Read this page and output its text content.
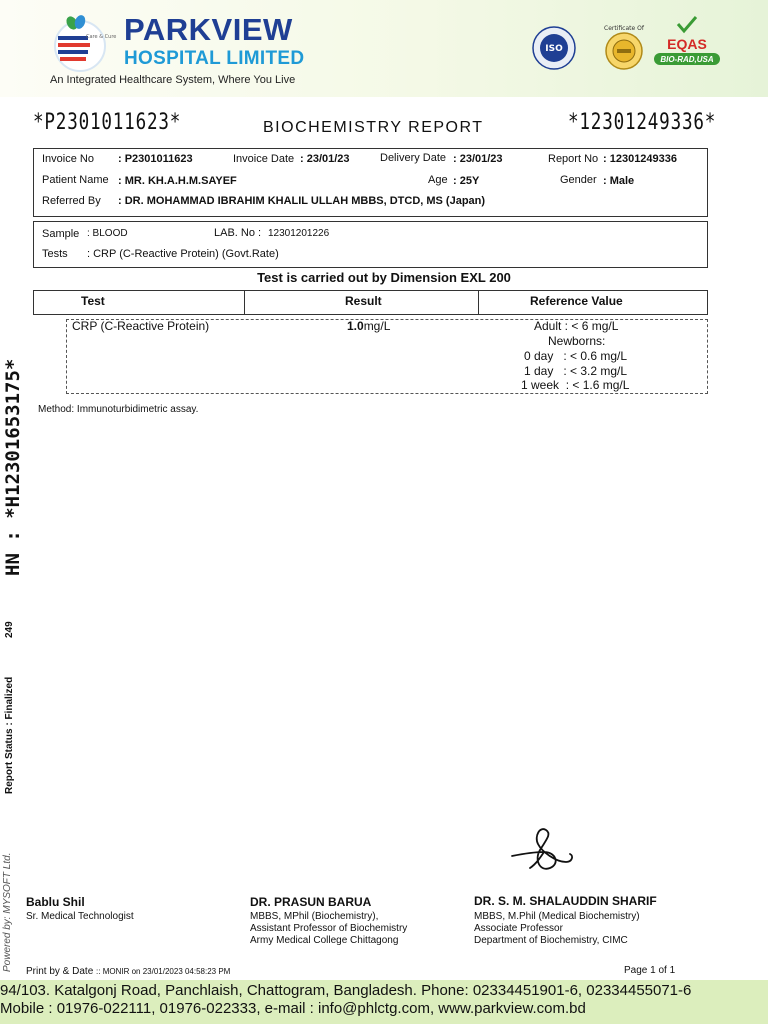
Care & Cure PARKVIEW
HOSPITAL LIMITED
An Integrated Healthcare System, Where You Live
ISO
Certificate Of
EQAS
BIO-RAD,USA
*P2301011623*	BIOCHEMISTRY REPORT	*12301249336*
Invoice No : P2301011623	Invoice Date : 23/01/23	Delivery Date : 23/01/23	Report No : 12301249336
Patient Name : MR. KH.A.H.M.SAYEF	Age : 25Y	Gender : Male
Referred By : DR. MOHAMMAD IBRAHIM KHALIL ULLAH MBBS, DTCD, MS (Japan)
Sample : BLOOD	LAB. No : 12301201226
Tests : CRP (C-Reactive Protein) (Govt.Rate)
Test is carried out by Dimension EXL 200
Test	Result	Reference Value
CRP (C-Reactive Protein)	1.0mg/L	Adult : < 6 mg/L
Newborns:
0 day   : < 0.6 mg/L
1 day   : < 3.2 mg/L
1 week  : < 1.6 mg/L
Method: Immunoturbidimetric assay.
HN : *H12301653175*
249
Report Status : Finalized
Powered by: MYSOFT Ltd. Bablu Shil
Sr. Medical Technologist
DR. PRASUN BARUA
MBBS, MPhil (Biochemistry),
Assistant Professor of Biochemistry
Army Medical College Chittagong
DR. S. M. SHALAUDDIN SHARIF
MBBS, M.Phil (Medical Biochemistry)
Associate Professor
Department of Biochemistry, CIMC
Print by & Date :: MONIR on 23/01/2023 04:58:23 PM	Page 1 of 1
94/103. Katalgonj Road, Panchlaish, Chattogram, Bangladesh. Phone: 02334451901-6, 02334455071-6
Mobile : 01976-022111, 01976-022333, e-mail : info@phlctg.com, www.parkview.com.bd
